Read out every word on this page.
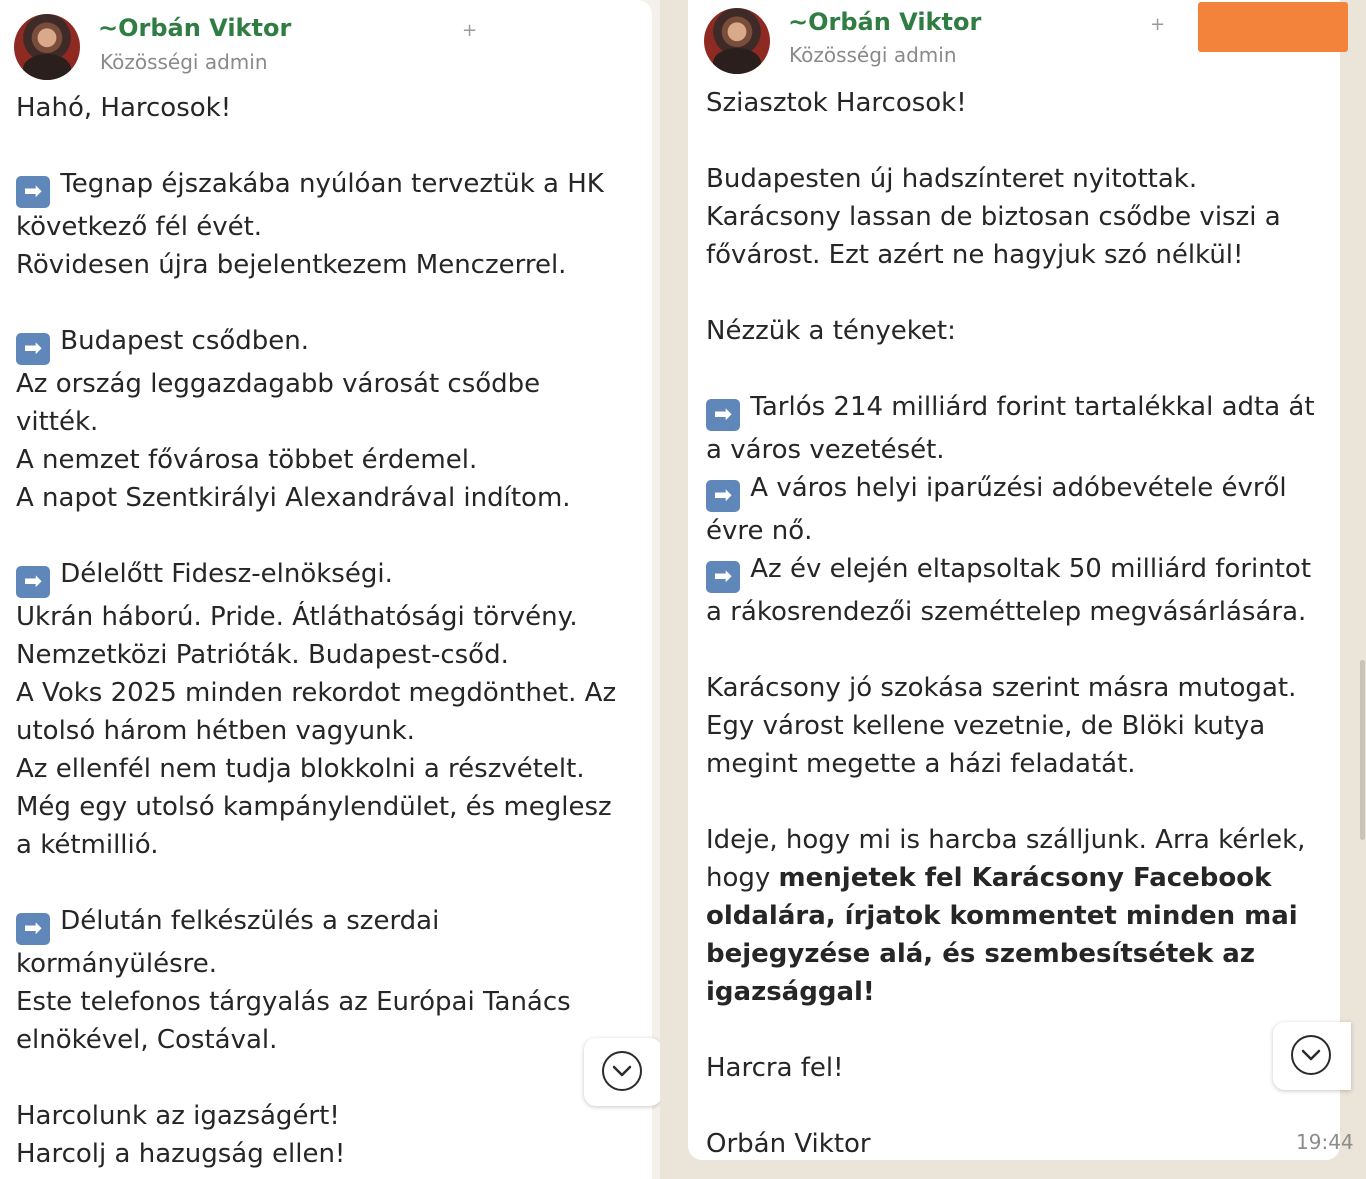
~Orbán Viktor
Közösségi admin
+
Hahó, Harcosok!

➡ Tegnap éjszakába nyúlóan terveztük a HK
következő fél évét.
Rövidesen újra bejelentkezem Menczerrel.

➡ Budapest csődben.
Az ország leggazdagabb városát csődbe
vitték.
A nemzet fővárosa többet érdemel.
A napot Szentkirályi Alexandrával indítom.

➡ Délelőtt Fidesz-elnökségi.
Ukrán háború. Pride. Átláthatósági törvény.
Nemzetközi Patrióták. Budapest-csőd.
A Voks 2025 minden rekordot megdönthet. Az
utolsó három hétben vagyunk.
Az ellenfél nem tudja blokkolni a részvételt.
Még egy utolsó kampánylendület, és meglesz
a kétmillió.

➡ Délután felkészülés a szerdai
kormányülésre.
Este telefonos tárgyalás az Európai Tanács
elnökével, Costával.

Harcolunk az igazságért!
Harcolj a hazugság ellen!
~Orbán Viktor
Közösségi admin
+
Sziasztok Harcosok!

Budapesten új hadszínteret nyitottak.
Karácsony lassan de biztosan csődbe viszi a
fővárost. Ezt azért ne hagyjuk szó nélkül!

Nézzük a tényeket:

➡ Tarlós 214 milliárd forint tartalékkal adta át
a város vezetését.
➡ A város helyi iparűzési adóbevétele évről
évre nő.
➡ Az év elején eltapsoltak 50 milliárd forintot
a rákosrendezői szeméttelep megvásárlására.

Karácsony jó szokása szerint másra mutogat.
Egy várost kellene vezetnie, de Blöki kutya
megint megette a házi feladatát.

Ideje, hogy mi is harcba szálljunk. Arra kérlek,
hogy menjetek fel Karácsony Facebook
oldalára, írjatok kommentet minden mai
bejegyzése alá, és szembesítsétek az
igazsággal!

Harcra fel!

Orbán Viktor	19:44
